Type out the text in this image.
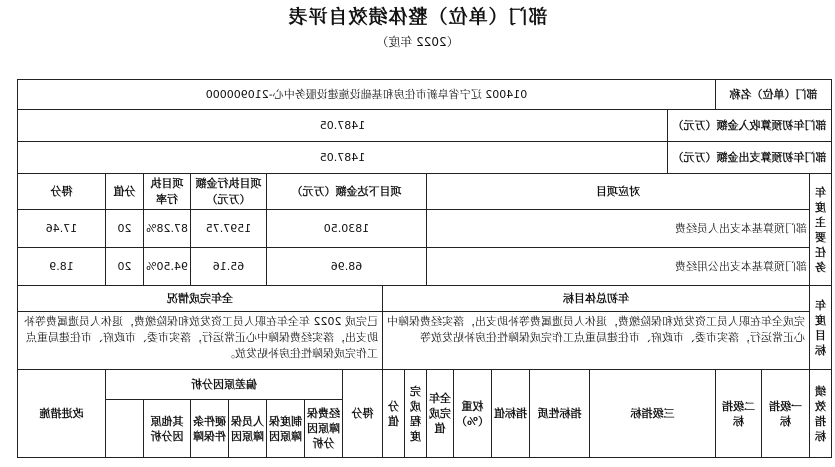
部门（单位）整体绩效自评表
（2022 年度）
部门（单位）名称			014002 辽宁省阜新市住房和基础设施建设服务中心-210900000															
部门年初预算收入金额（万元）				1487.05														
部门年初预算支出金额（万元）				1487.05														
年度主要任务	对应项目								项目下达金额（万元）					项目执行金额（万元）		项目执行率	分值	得分
	部门预算基本支出人员经费								1830.50					1597.75		87.28%	20	17.46
	部门预算基本支出公用经费								68.96					65.16		94.50%	20	18.9
年度目标	年初总体目标										全年完成情况							
	完成全年在职人员工资发放和保险缴费，退休人员遗属费等补助支出，落实经费保障中心正常运行，落实市委、市政府、市住建局重点工作完成保障性住房补贴发放等										已完成 2022 年全年在职人员工资发放和保险缴费，退休人员遗属费等补助支出，落实经费保障中心正常运行，落实市委、市政府、市住建局重点工作完成保障性住房补贴发放。							
绩效指标	一级指标	二级指标	三级指标		指标性质	指标值	权重（%）	全年完成值	完成程度	分值	得分	偏差原因分析						改进措施
												经费保障原因分析	制度保障原因	人员保障原因	硬件条件保障	其他原因分析		
